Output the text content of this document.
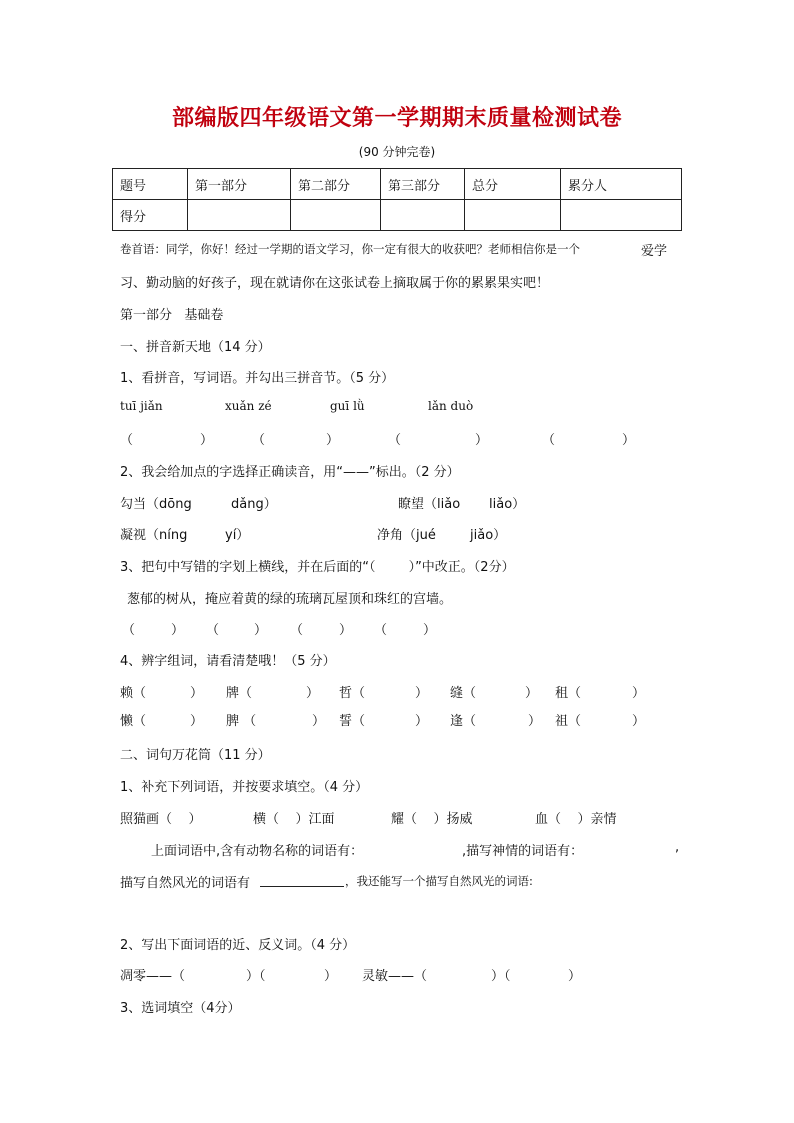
部编版四年级语文第一学期期末质量检测试卷
(90 分钟完卷)
题号	第一部分	第二部分	第三部分	总分	累分人
得分					
卷首语：同学，你好！经过一学期的语文学习，你一定有很大的收获吧？老师相信你是一个	爱学
习、勤动脑的好孩子，现在就请你在这张试卷上摘取属于你的累累果实吧！
第一部分   基础卷
一、拼音新天地（14 分）
1、看拼音，写词语。并勾出三拼音节。（5 分）
tuī jiǎn	xuǎn zé	guī lǜ	lǎn duò
（	）	（	）	（	）	（	）
2、我会给加点的字选择正确读音，用“——”标出。（2 分）
勾当（dōng	dǎng）	瞭望（liǎo liǎo）
凝视（níng	yí）	净角（jué	jiǎo）
3、把句中写错的字划上横线，并在后面的“（        ）”中改正。（2分）
葱郁的树从，掩应着黄的绿的琉璃瓦屋顶和珠红的宫墙。
（	） （	） （	） （	）
4、辨字组词，请看清楚哦！（5 分）
赖（	） 牌（	） 哲（	） 缝（	） 租（	）
懒（	） 脾 （	） 誓（	） 逢（	） 祖（	）
二、词句万花筒（11 分）
1、补充下列词语，并按要求填空。（4 分）
照猫画（    ）	横（    ）江面	耀（    ）扬威	血（    ）亲情
上面词语中,含有动物名称的词语有：	,描写神情的词语有：	,
描写自然风光的词语有	，我还能写一个描写自然风光的词语:
2、写出下面词语的近、反义词。（4 分）
凋零——（	）（	） 灵敏——（	）（	）
3、选词填空（4分）
